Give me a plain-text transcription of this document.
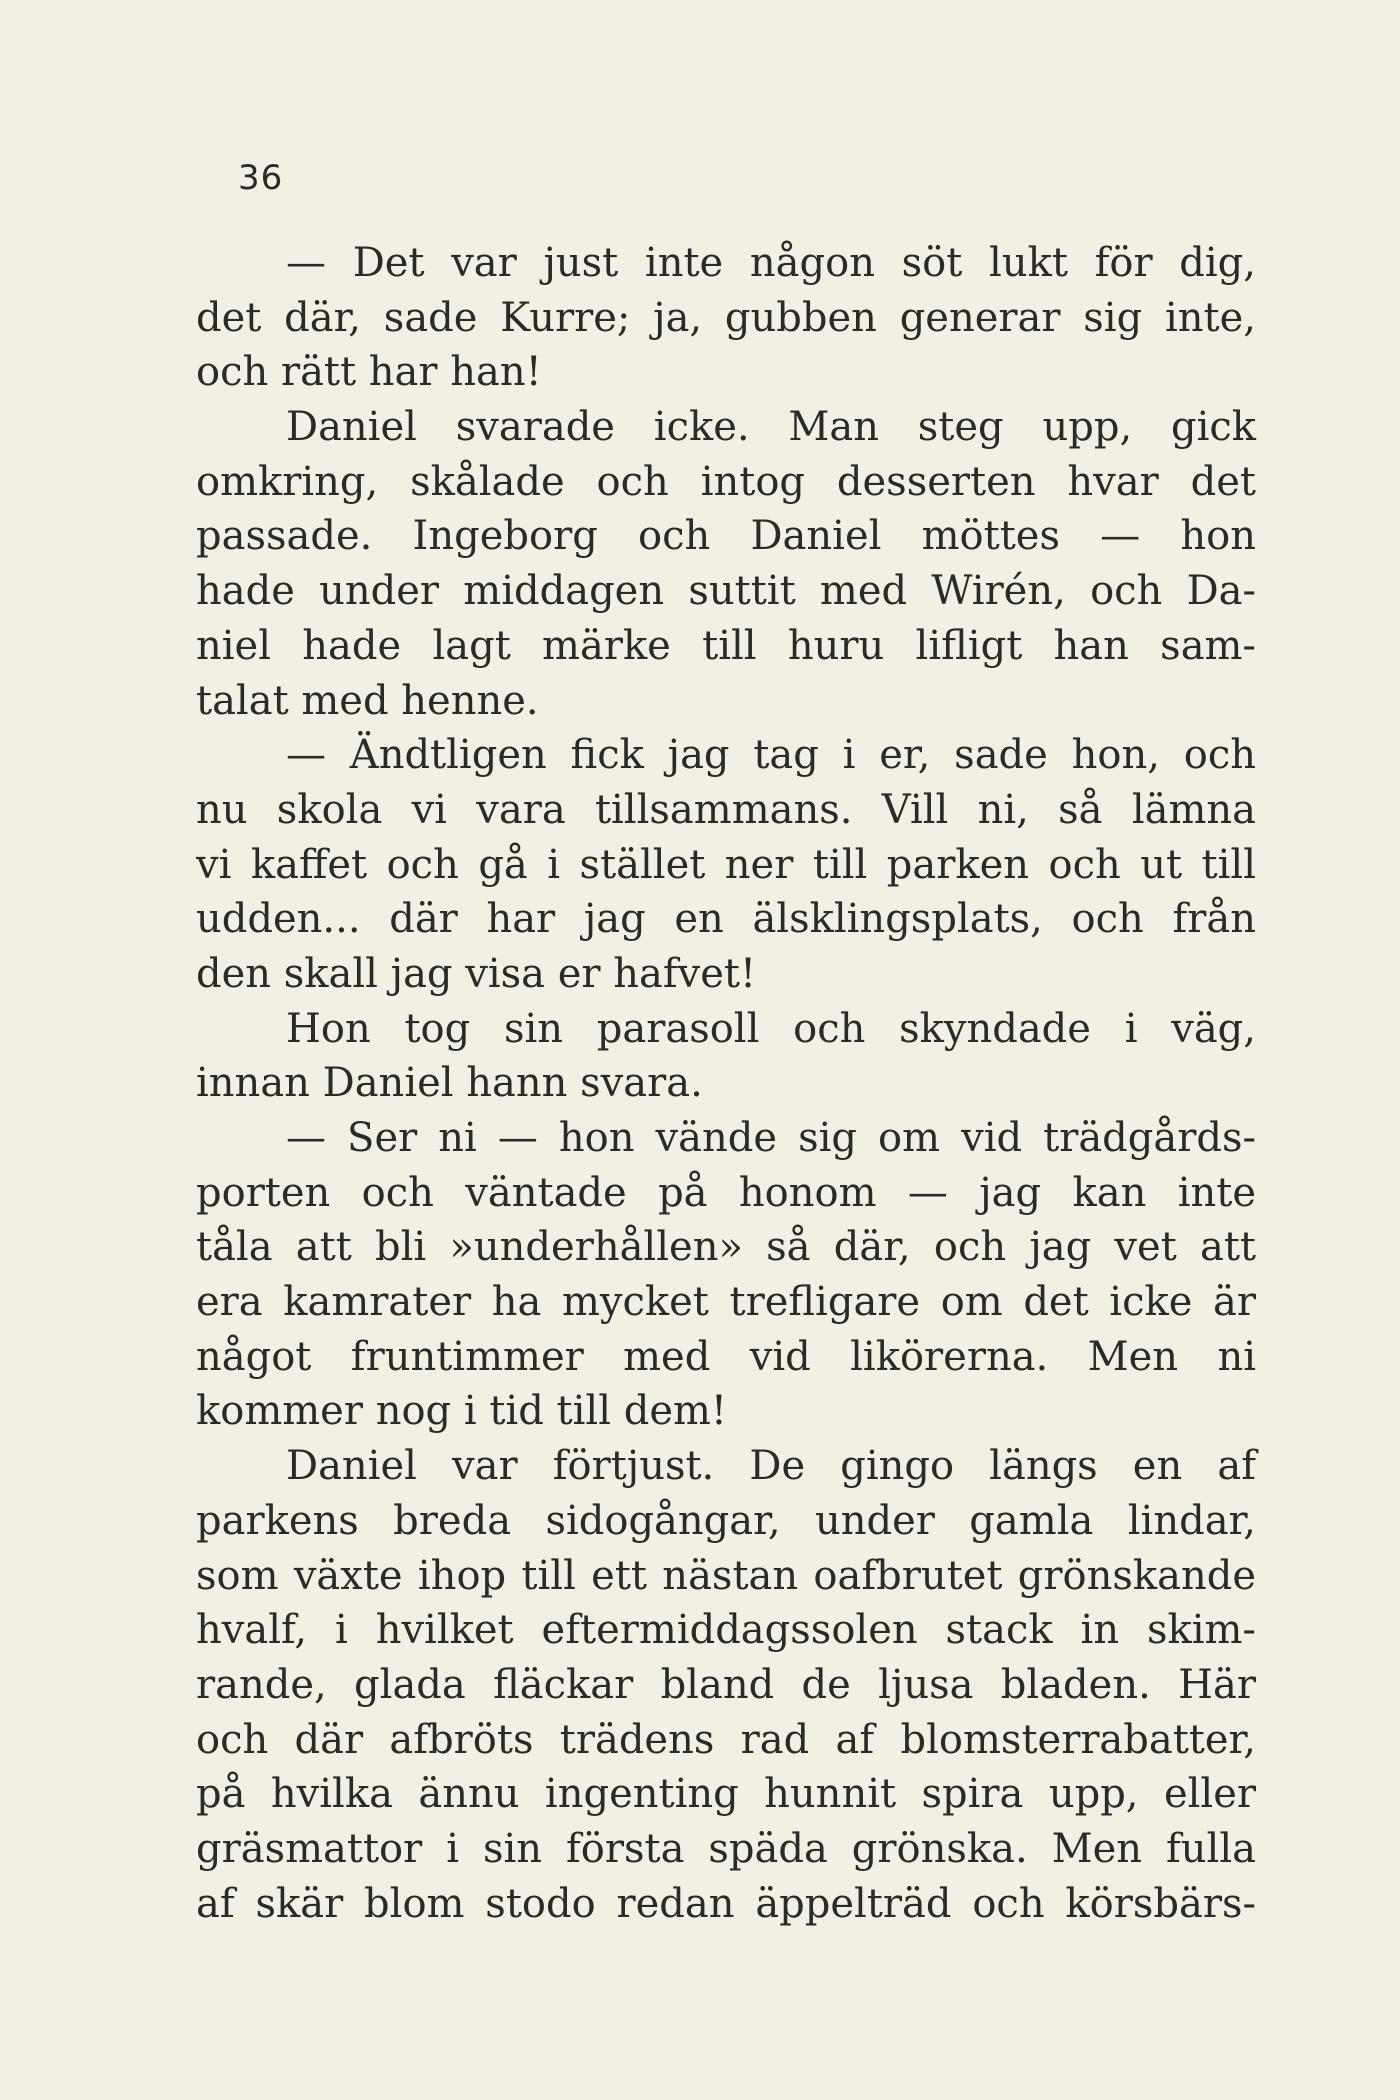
36
— Det var just inte någon söt lukt för dig,
det där, sade Kurre; ja, gubben generar sig inte,
och rätt har han!
Daniel svarade icke. Man steg upp, gick
omkring, skålade och intog desserten hvar det
passade. Ingeborg och Daniel möttes — hon
hade under middagen suttit med Wirén, och Da-
niel hade lagt märke till huru lifligt han sam-
talat med henne.
— Ändtligen fick jag tag i er, sade hon, och
nu skola vi vara tillsammans. Vill ni, så lämna
vi kaffet och gå i stället ner till parken och ut till
udden... där har jag en älsklingsplats, och från
den skall jag visa er hafvet!
Hon tog sin parasoll och skyndade i väg,
innan Daniel hann svara.
— Ser ni — hon vände sig om vid trädgårds-
porten och väntade på honom — jag kan inte
tåla att bli »underhållen» så där, och jag vet att
era kamrater ha mycket trefligare om det icke är
något fruntimmer med vid likörerna. Men ni
kommer nog i tid till dem!
Daniel var förtjust. De gingo längs en af
parkens breda sidogångar, under gamla lindar,
som växte ihop till ett nästan oafbrutet grönskande
hvalf, i hvilket eftermiddagssolen stack in skim-
rande, glada fläckar bland de ljusa bladen. Här
och där afbröts trädens rad af blomsterrabatter,
på hvilka ännu ingenting hunnit spira upp, eller
gräsmattor i sin första späda grönska. Men fulla
af skär blom stodo redan äppelträd och körsbärs-
